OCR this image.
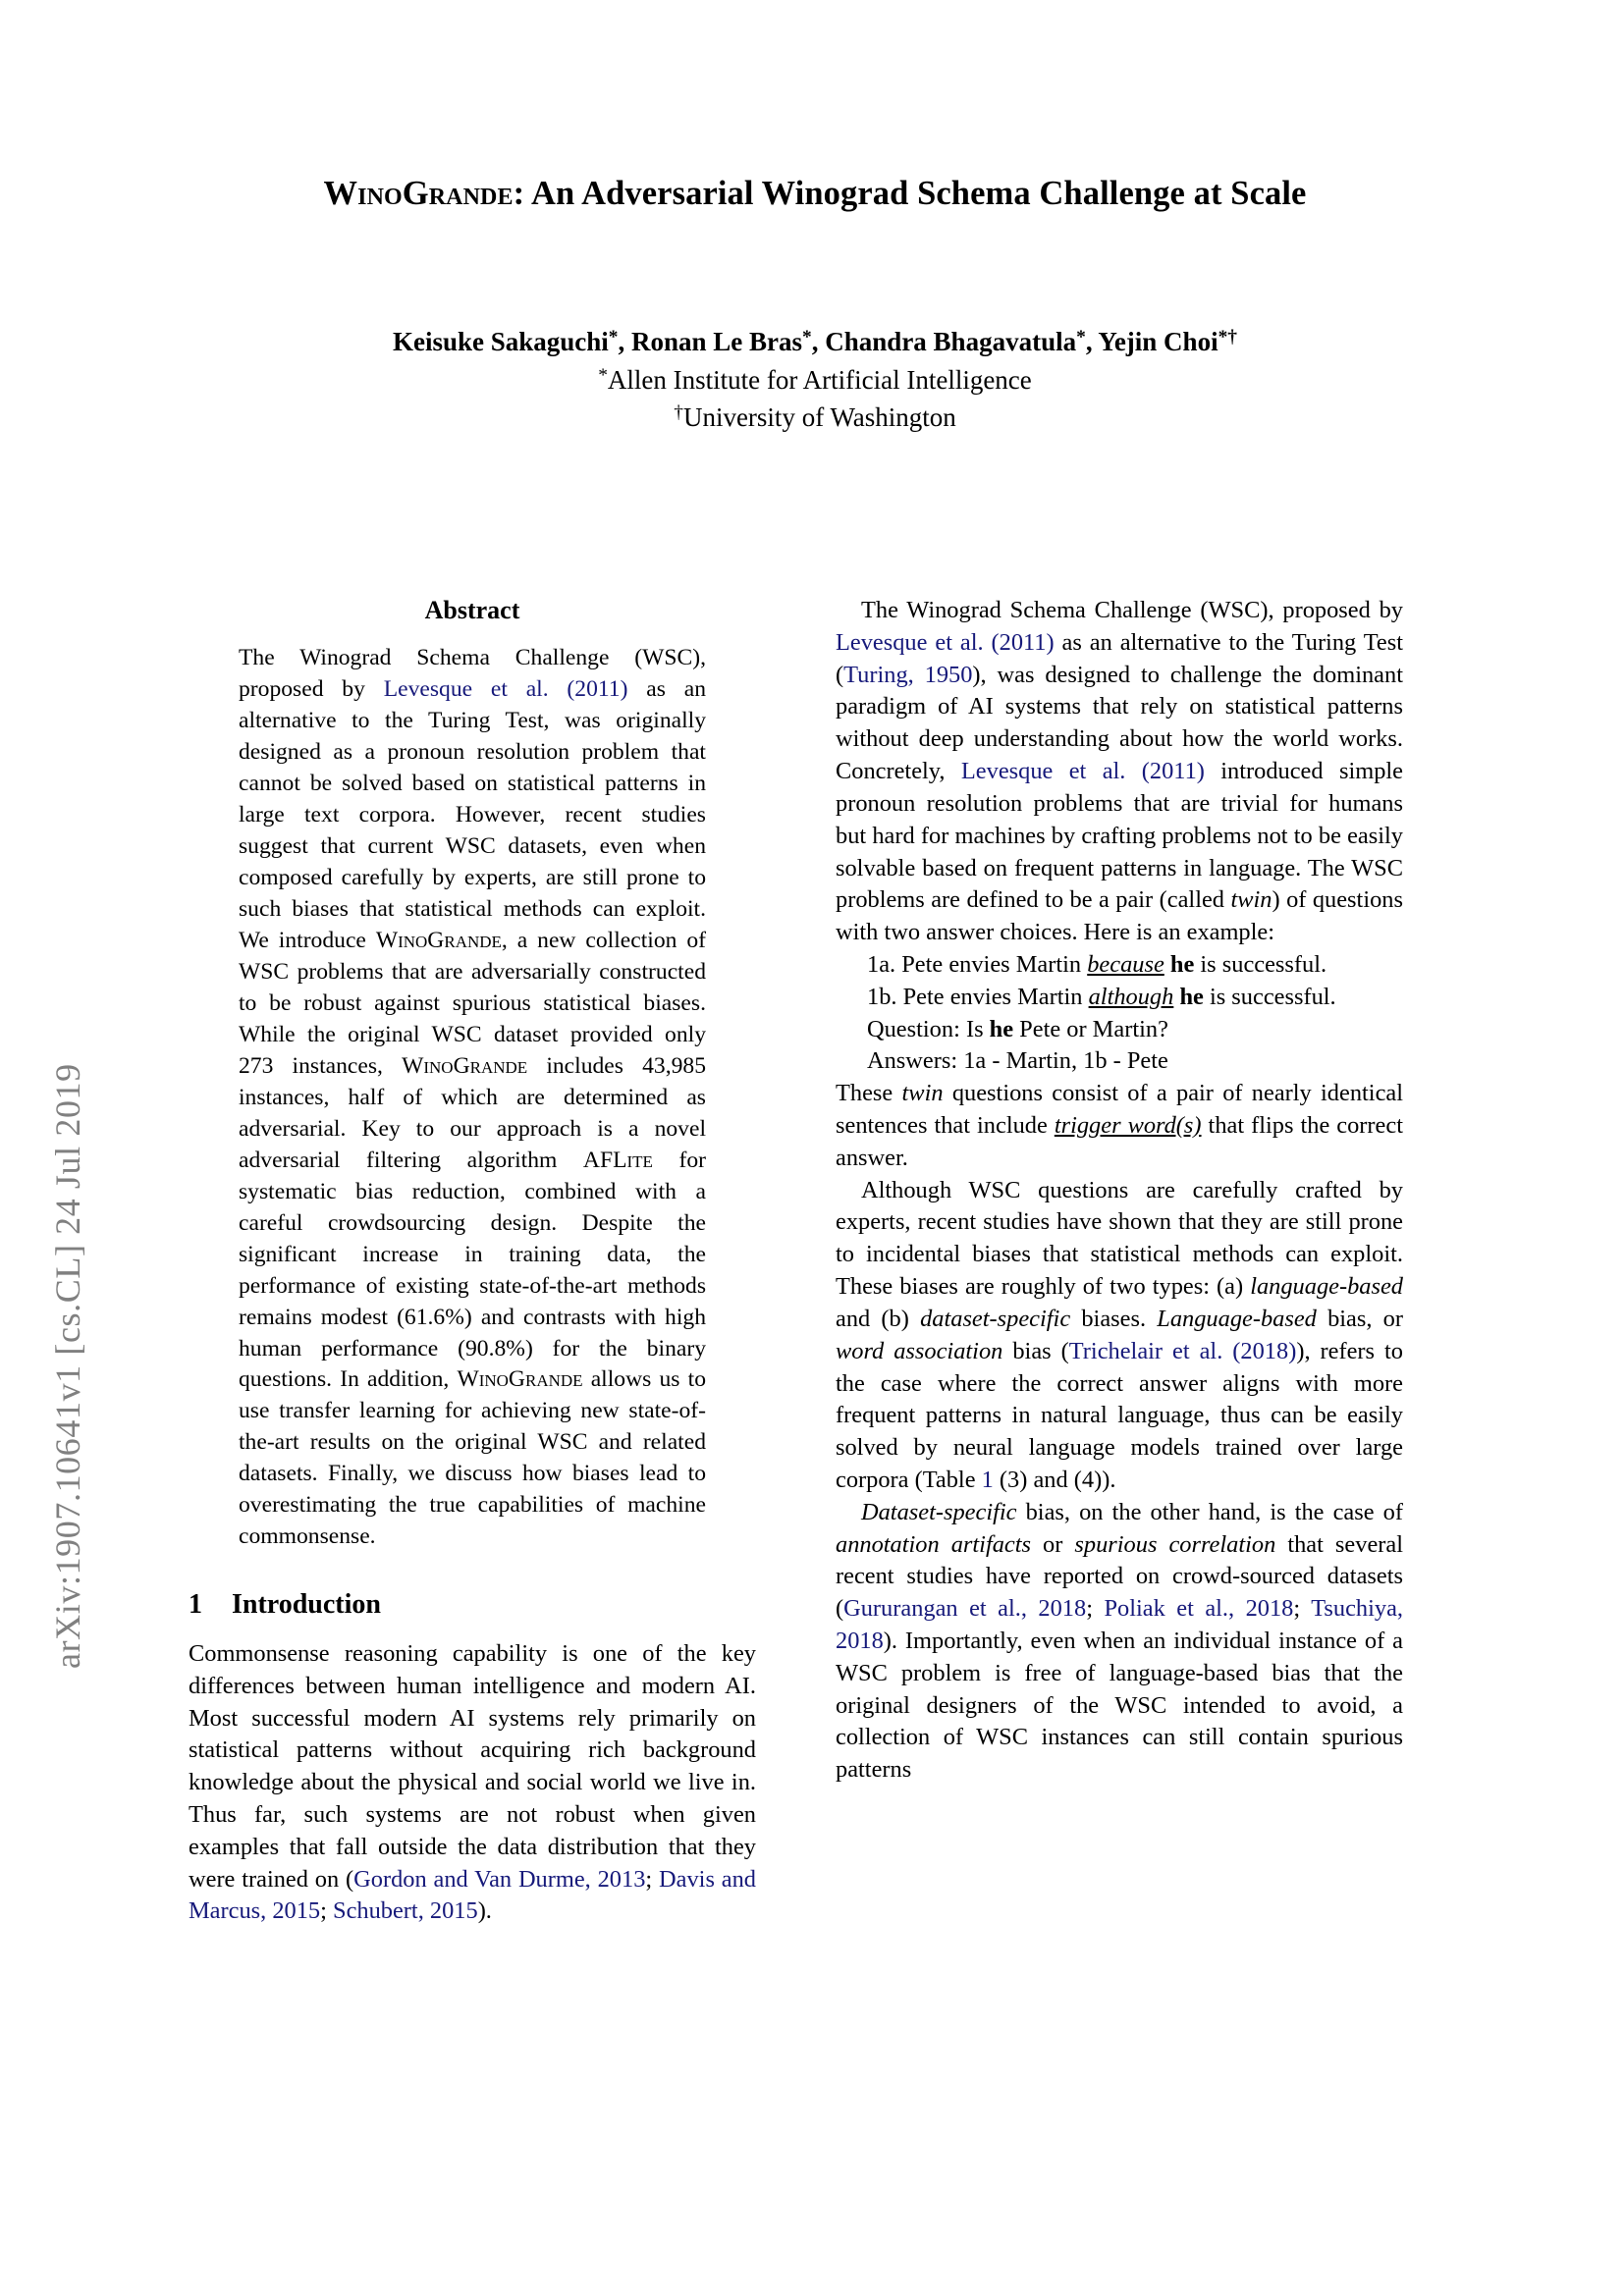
arXiv:1907.10641v1 [cs.CL] 24 Jul 2019
WinoGrande: An Adversarial Winograd Schema Challenge at Scale
Keisuke Sakaguchi*, Ronan Le Bras*, Chandra Bhagavatula*, Yejin Choi*†
*Allen Institute for Artificial Intelligence
†University of Washington
Abstract

The Winograd Schema Challenge (WSC), proposed by Levesque et al. (2011) as an alternative to the Turing Test, was originally designed as a pronoun resolution problem that cannot be solved based on statistical patterns in large text corpora. However, recent studies suggest that current WSC datasets, even when composed carefully by experts, are still prone to such biases that statistical methods can exploit. We introduce WinoGrande, a new collection of WSC problems that are adversarially constructed to be robust against spurious statistical biases. While the original WSC dataset provided only 273 instances, WinoGrande includes 43,985 instances, half of which are determined as adversarial. Key to our approach is a novel adversarial filtering algorithm AFLite for systematic bias reduction, combined with a careful crowdsourcing design. Despite the significant increase in training data, the performance of existing state-of-the-art methods remains modest (61.6%) and contrasts with high human performance (90.8%) for the binary questions. In addition, WinoGrande allows us to use transfer learning for achieving new state-of-the-art results on the original WSC and related datasets. Finally, we discuss how biases lead to overestimating the true capabilities of machine commonsense.

1 Introduction

Commonsense reasoning capability is one of the key differences between human intelligence and modern AI. Most successful modern AI systems rely primarily on statistical patterns without acquiring rich background knowledge about the physical and social world we live in. Thus far, such systems are not robust when given examples that fall outside the data distribution that they were trained on (Gordon and Van Durme, 2013; Davis and Marcus, 2015; Schubert, 2015).

The Winograd Schema Challenge (WSC), proposed by Levesque et al. (2011) as an alternative to the Turing Test (Turing, 1950), was designed to challenge the dominant paradigm of AI systems that rely on statistical patterns without deep understanding about how the world works. Concretely, Levesque et al. (2011) introduced simple pronoun resolution problems that are trivial for humans but hard for machines by crafting problems not to be easily solvable based on frequent patterns in language. The WSC problems are defined to be a pair (called twin) of questions with two answer choices. Here is an example:

1a. Pete envies Martin because he is successful.
1b. Pete envies Martin although he is successful.
Question: Is he Pete or Martin?
Answers: 1a - Martin, 1b - Pete

These twin questions consist of a pair of nearly identical sentences that include trigger word(s) that flips the correct answer.

Although WSC questions are carefully crafted by experts, recent studies have shown that they are still prone to incidental biases that statistical methods can exploit. These biases are roughly of two types: (a) language-based and (b) dataset-specific biases. Language-based bias, or word association bias (Trichelair et al. (2018)), refers to the case where the correct answer aligns with more frequent patterns in natural language, thus can be easily solved by neural language models trained over large corpora (Table 1 (3) and (4)).

Dataset-specific bias, on the other hand, is the case of annotation artifacts or spurious correlation that several recent studies have reported on crowd-sourced datasets (Gururangan et al., 2018; Poliak et al., 2018; Tsuchiya, 2018). Importantly, even when an individual instance of a WSC problem is free of language-based bias that the original designers of the WSC intended to avoid, a collection of WSC instances can still contain spurious patterns
